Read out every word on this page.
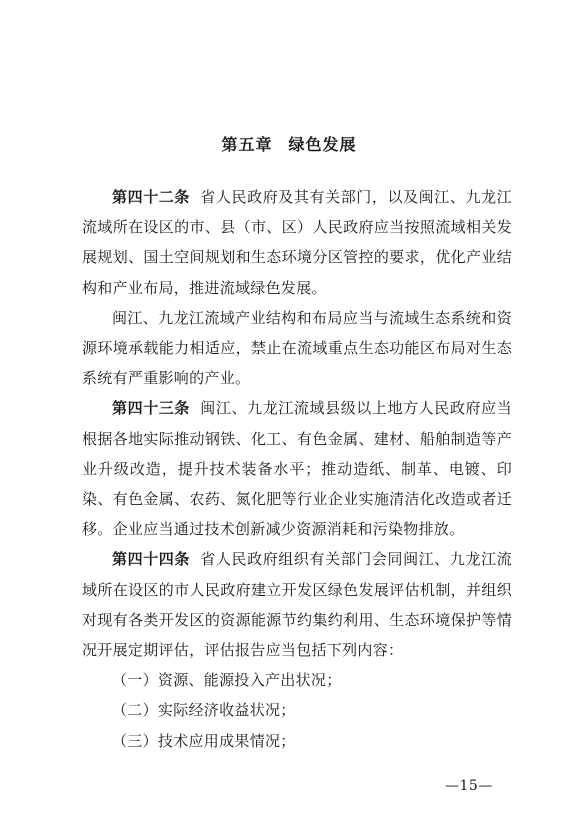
第五章 绿色发展

第四十二条 省人民政府及其有关部门，以及闽江、九龙江流域所在设区的市、县（市、区）人民政府应当按照流域相关发展规划、国土空间规划和生态环境分区管控的要求，优化产业结构和产业布局，推进流域绿色发展。

闽江、九龙江流域产业结构和布局应当与流域生态系统和资源环境承载能力相适应，禁止在流域重点生态功能区布局对生态系统有严重影响的产业。

第四十三条 闽江、九龙江流域县级以上地方人民政府应当根据各地实际推动钢铁、化工、有色金属、建材、船舶制造等产业升级改造，提升技术装备水平；推动造纸、制革、电镀、印染、有色金属、农药、氮化肥等行业企业实施清洁化改造或者迁移。企业应当通过技术创新减少资源消耗和污染物排放。

第四十四条 省人民政府组织有关部门会同闽江、九龙江流域所在设区的市人民政府建立开发区绿色发展评估机制，并组织对现有各类开发区的资源能源节约集约利用、生态环境保护等情况开展定期评估，评估报告应当包括下列内容：

（一）资源、能源投入产出状况；

（二）实际经济收益状况；

（三）技术应用成果情况；

—15—
